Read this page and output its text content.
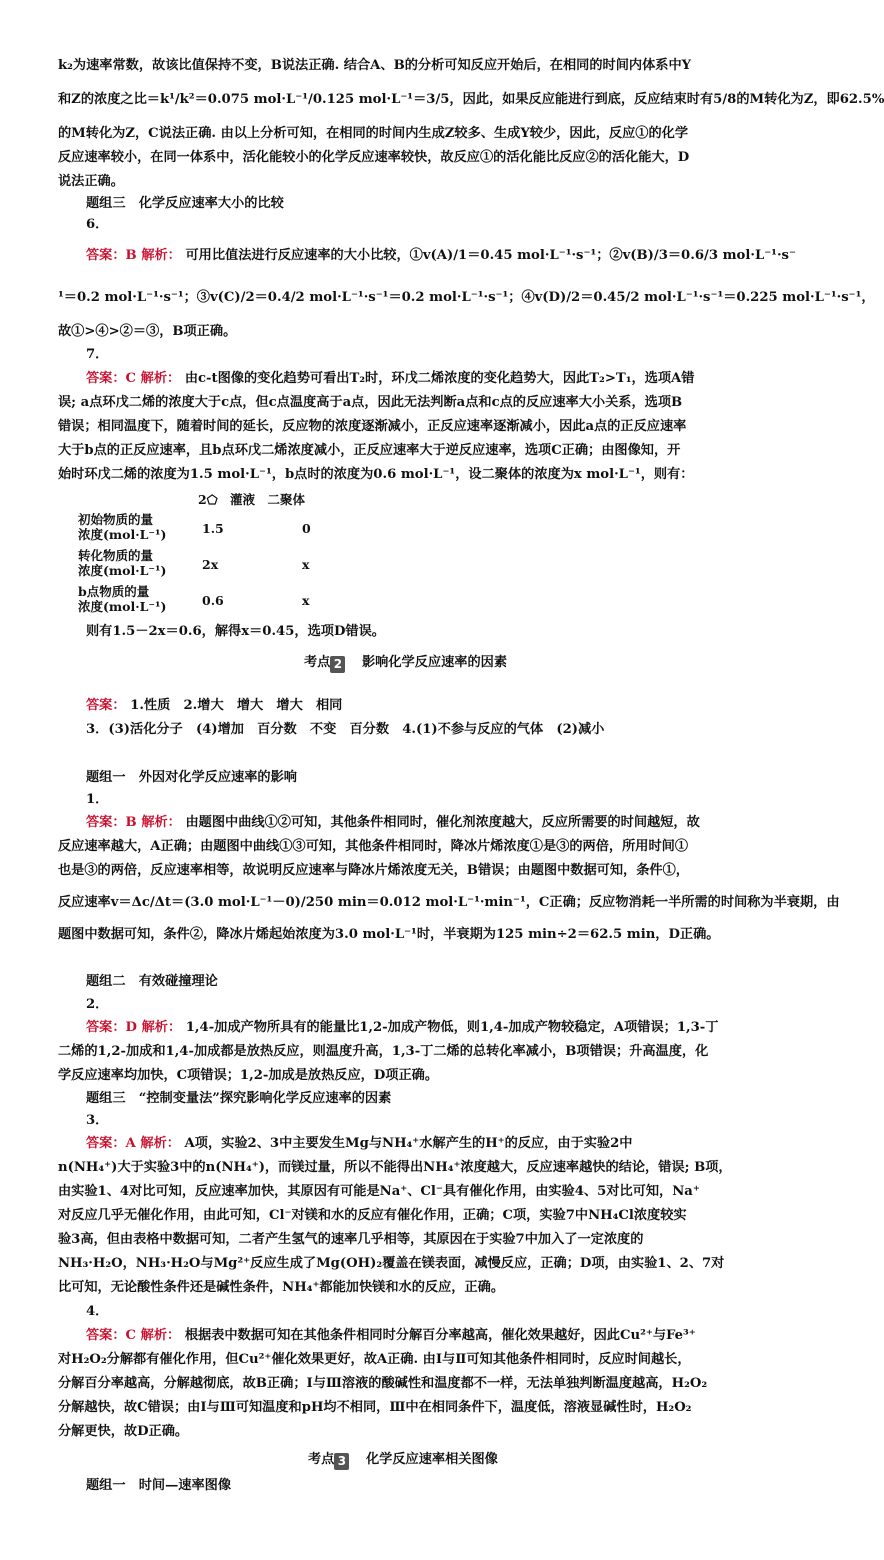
k₂为速率常数，故该比值保持不变，B说法正确. 结合A、B的分析可知反应开始后，在相同的时间内体系中Y
和Z的浓度之比＝k¹/k²＝0.075 mol·L⁻¹/0.125 mol·L⁻¹＝3/5，因此，如果反应能进行到底，反应结束时有5/8的M转化为Z，即62.5%
的M转化为Z，C说法正确. 由以上分析可知，在相同的时间内生成Z较多、生成Y较少，因此，反应①的化学
反应速率较小，在同一体系中，活化能较小的化学反应速率较快，故反应①的活化能比反应②的活化能大，D
说法正确。
题组三　化学反应速率大小的比较
6．
答案：B 解析： 可用比值法进行反应速率的大小比较，①v(A)/1＝0.45 mol·L⁻¹·s⁻¹；②v(B)/3＝0.6/3 mol·L⁻¹·s⁻
¹＝0.2 mol·L⁻¹·s⁻¹；③v(C)/2＝0.4/2 mol·L⁻¹·s⁻¹＝0.2 mol·L⁻¹·s⁻¹；④v(D)/2＝0.45/2 mol·L⁻¹·s⁻¹＝0.225 mol·L⁻¹·s⁻¹，
故①>④>②＝③，B项正确。
7．
答案：C 解析： 由c-t图像的变化趋势可看出T₂时，环戊二烯浓度的变化趋势大，因此T₂>T₁，选项A错
误; a点环戊二烯的浓度大于c点，但c点温度高于a点，因此无法判断a点和c点的反应速率大小关系，选项B
错误；相同温度下，随着时间的延长，反应物的浓度逐渐减小，正反应速率逐渐减小，因此a点的正反应速率
大于b点的正反应速率，且b点环戊二烯浓度减小，正反应速率大于逆反应速率，选项C正确；由图像知，开
始时环戊二烯的浓度为1.5 mol·L⁻¹，b点时的浓度为0.6 mol·L⁻¹，设二聚体的浓度为x mol·L⁻¹，则有：
2⬠　灌液　二聚体
初始物质的量
浓度(mol·L⁻¹)	1.5	0
转化物质的量
浓度(mol·L⁻¹)	2x	x
b点物质的量
浓度(mol·L⁻¹)	0.6	x
则有1.5－2x＝0.6，解得x＝0.45，选项D错误。
考点 2 影响化学反应速率的因素
答案： 1.性质　2.增大　增大　增大　相同
3．(3)活化分子　(4)增加　百分数　不变　百分数　4.(1)不参与反应的气体　(2)减小
题组一　外因对化学反应速率的影响
1．
答案：B 解析： 由题图中曲线①②可知，其他条件相同时，催化剂浓度越大，反应所需要的时间越短，故
反应速率越大，A正确；由题图中曲线①③可知，其他条件相同时，降冰片烯浓度①是③的两倍，所用时间①
也是③的两倍，反应速率相等，故说明反应速率与降冰片烯浓度无关，B错误；由题图中数据可知，条件①，
反应速率v＝Δc/Δt＝(3.0 mol·L⁻¹－0)/250 min＝0.012 mol·L⁻¹·min⁻¹，C正确；反应物消耗一半所需的时间称为半衰期，由
题图中数据可知，条件②，降冰片烯起始浓度为3.0 mol·L⁻¹时，半衰期为125 min÷2＝62.5 min，D正确。
题组二　有效碰撞理论
2．
答案：D 解析： 1,4-加成产物所具有的能量比1,2-加成产物低，则1,4-加成产物较稳定，A项错误；1,3-丁
二烯的1,2-加成和1,4-加成都是放热反应，则温度升高，1,3-丁二烯的总转化率减小，B项错误；升高温度，化
学反应速率均加快，C项错误；1,2-加成是放热反应，D项正确。
题组三　“控制变量法”探究影响化学反应速率的因素
3．
答案：A 解析： A项，实验2、3中主要发生Mg与NH₄⁺水解产生的H⁺的反应，由于实验2中
n(NH₄⁺)大于实验3中的n(NH₄⁺)，而镁过量，所以不能得出NH₄⁺浓度越大，反应速率越快的结论，错误; B项，
由实验1、4对比可知，反应速率加快，其原因有可能是Na⁺、Cl⁻具有催化作用，由实验4、5对比可知，Na⁺
对反应几乎无催化作用，由此可知，Cl⁻对镁和水的反应有催化作用，正确；C项，实验7中NH₄Cl浓度较实
验3高，但由表格中数据可知，二者产生氢气的速率几乎相等，其原因在于实验7中加入了一定浓度的
NH₃·H₂O，NH₃·H₂O与Mg²⁺反应生成了Mg(OH)₂覆盖在镁表面，减慢反应，正确；D项，由实验1、2、7对
比可知，无论酸性条件还是碱性条件，NH₄⁺都能加快镁和水的反应，正确。
4．
答案：C 解析： 根据表中数据可知在其他条件相同时分解百分率越高，催化效果越好，因此Cu²⁺与Fe³⁺
对H₂O₂分解都有催化作用，但Cu²⁺催化效果更好，故A正确. 由Ⅰ与Ⅱ可知其他条件相同时，反应时间越长，
分解百分率越高，分解越彻底，故B正确；Ⅰ与Ⅲ溶液的酸碱性和温度都不一样，无法单独判断温度越高，H₂O₂
分解越快，故C错误；由Ⅰ与Ⅲ可知温度和pH均不相同，Ⅲ中在相同条件下，温度低，溶液显碱性时，H₂O₂
分解更快，故D正确。
考点 3 化学反应速率相关图像
题组一　时间—速率图像
